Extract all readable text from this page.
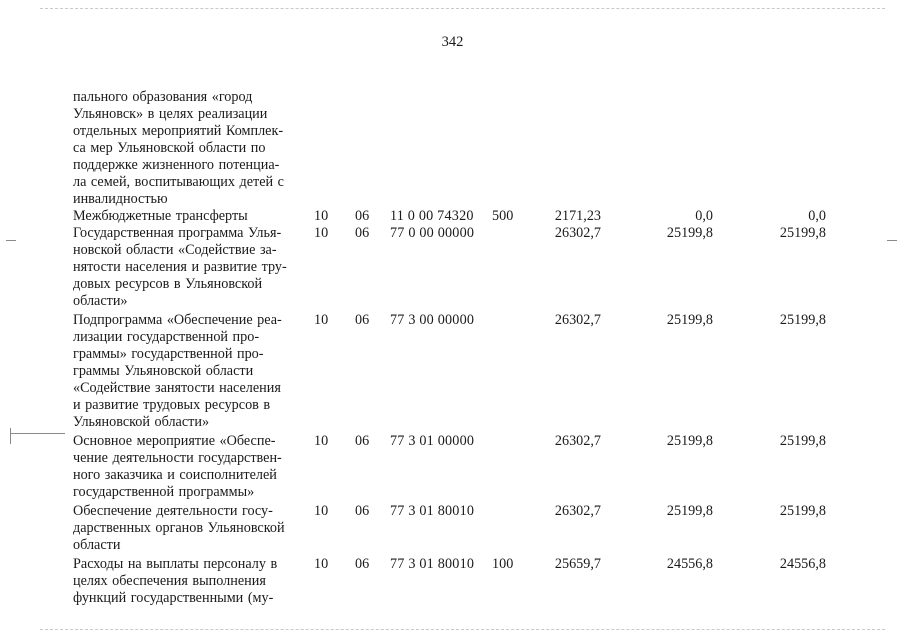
342
пального образования «город
Ульяновск» в целях реализации
отдельных мероприятий Комплек-
са мер Ульяновской области по
поддержке жизненного потенциа-
ла семей, воспитывающих детей с
инвалидностью
Межбюджетные трансферты	10 06 11 0 00 74320 500	2171,23	0,0	0,0
Государственная программа Улья-
новской области «Содействие за-
нятости населения и развитие тру-
довых ресурсов в Ульяновской
области»
10 06 77 0 00 00000	26302,7	25199,8	25199,8
Подпрограмма «Обеспечение реа-
лизации государственной про-
граммы» государственной про-
граммы Ульяновской области
«Содействие занятости населения
и развитие трудовых ресурсов в
Ульяновской области»
10 06 77 3 00 00000	26302,7	25199,8	25199,8
Основное мероприятие «Обеспе-
чение деятельности государствен-
ного заказчика и соисполнителей
государственной программы»
10 06 77 3 01 00000	26302,7	25199,8	25199,8
Обеспечение деятельности госу-
дарственных органов Ульяновской
области
10 06 77 3 01 80010	26302,7	25199,8	25199,8
Расходы на выплаты персоналу в
целях обеспечения выполнения
функций государственными (му-
10 06 77 3 01 80010 100	25659,7	24556,8	24556,8
